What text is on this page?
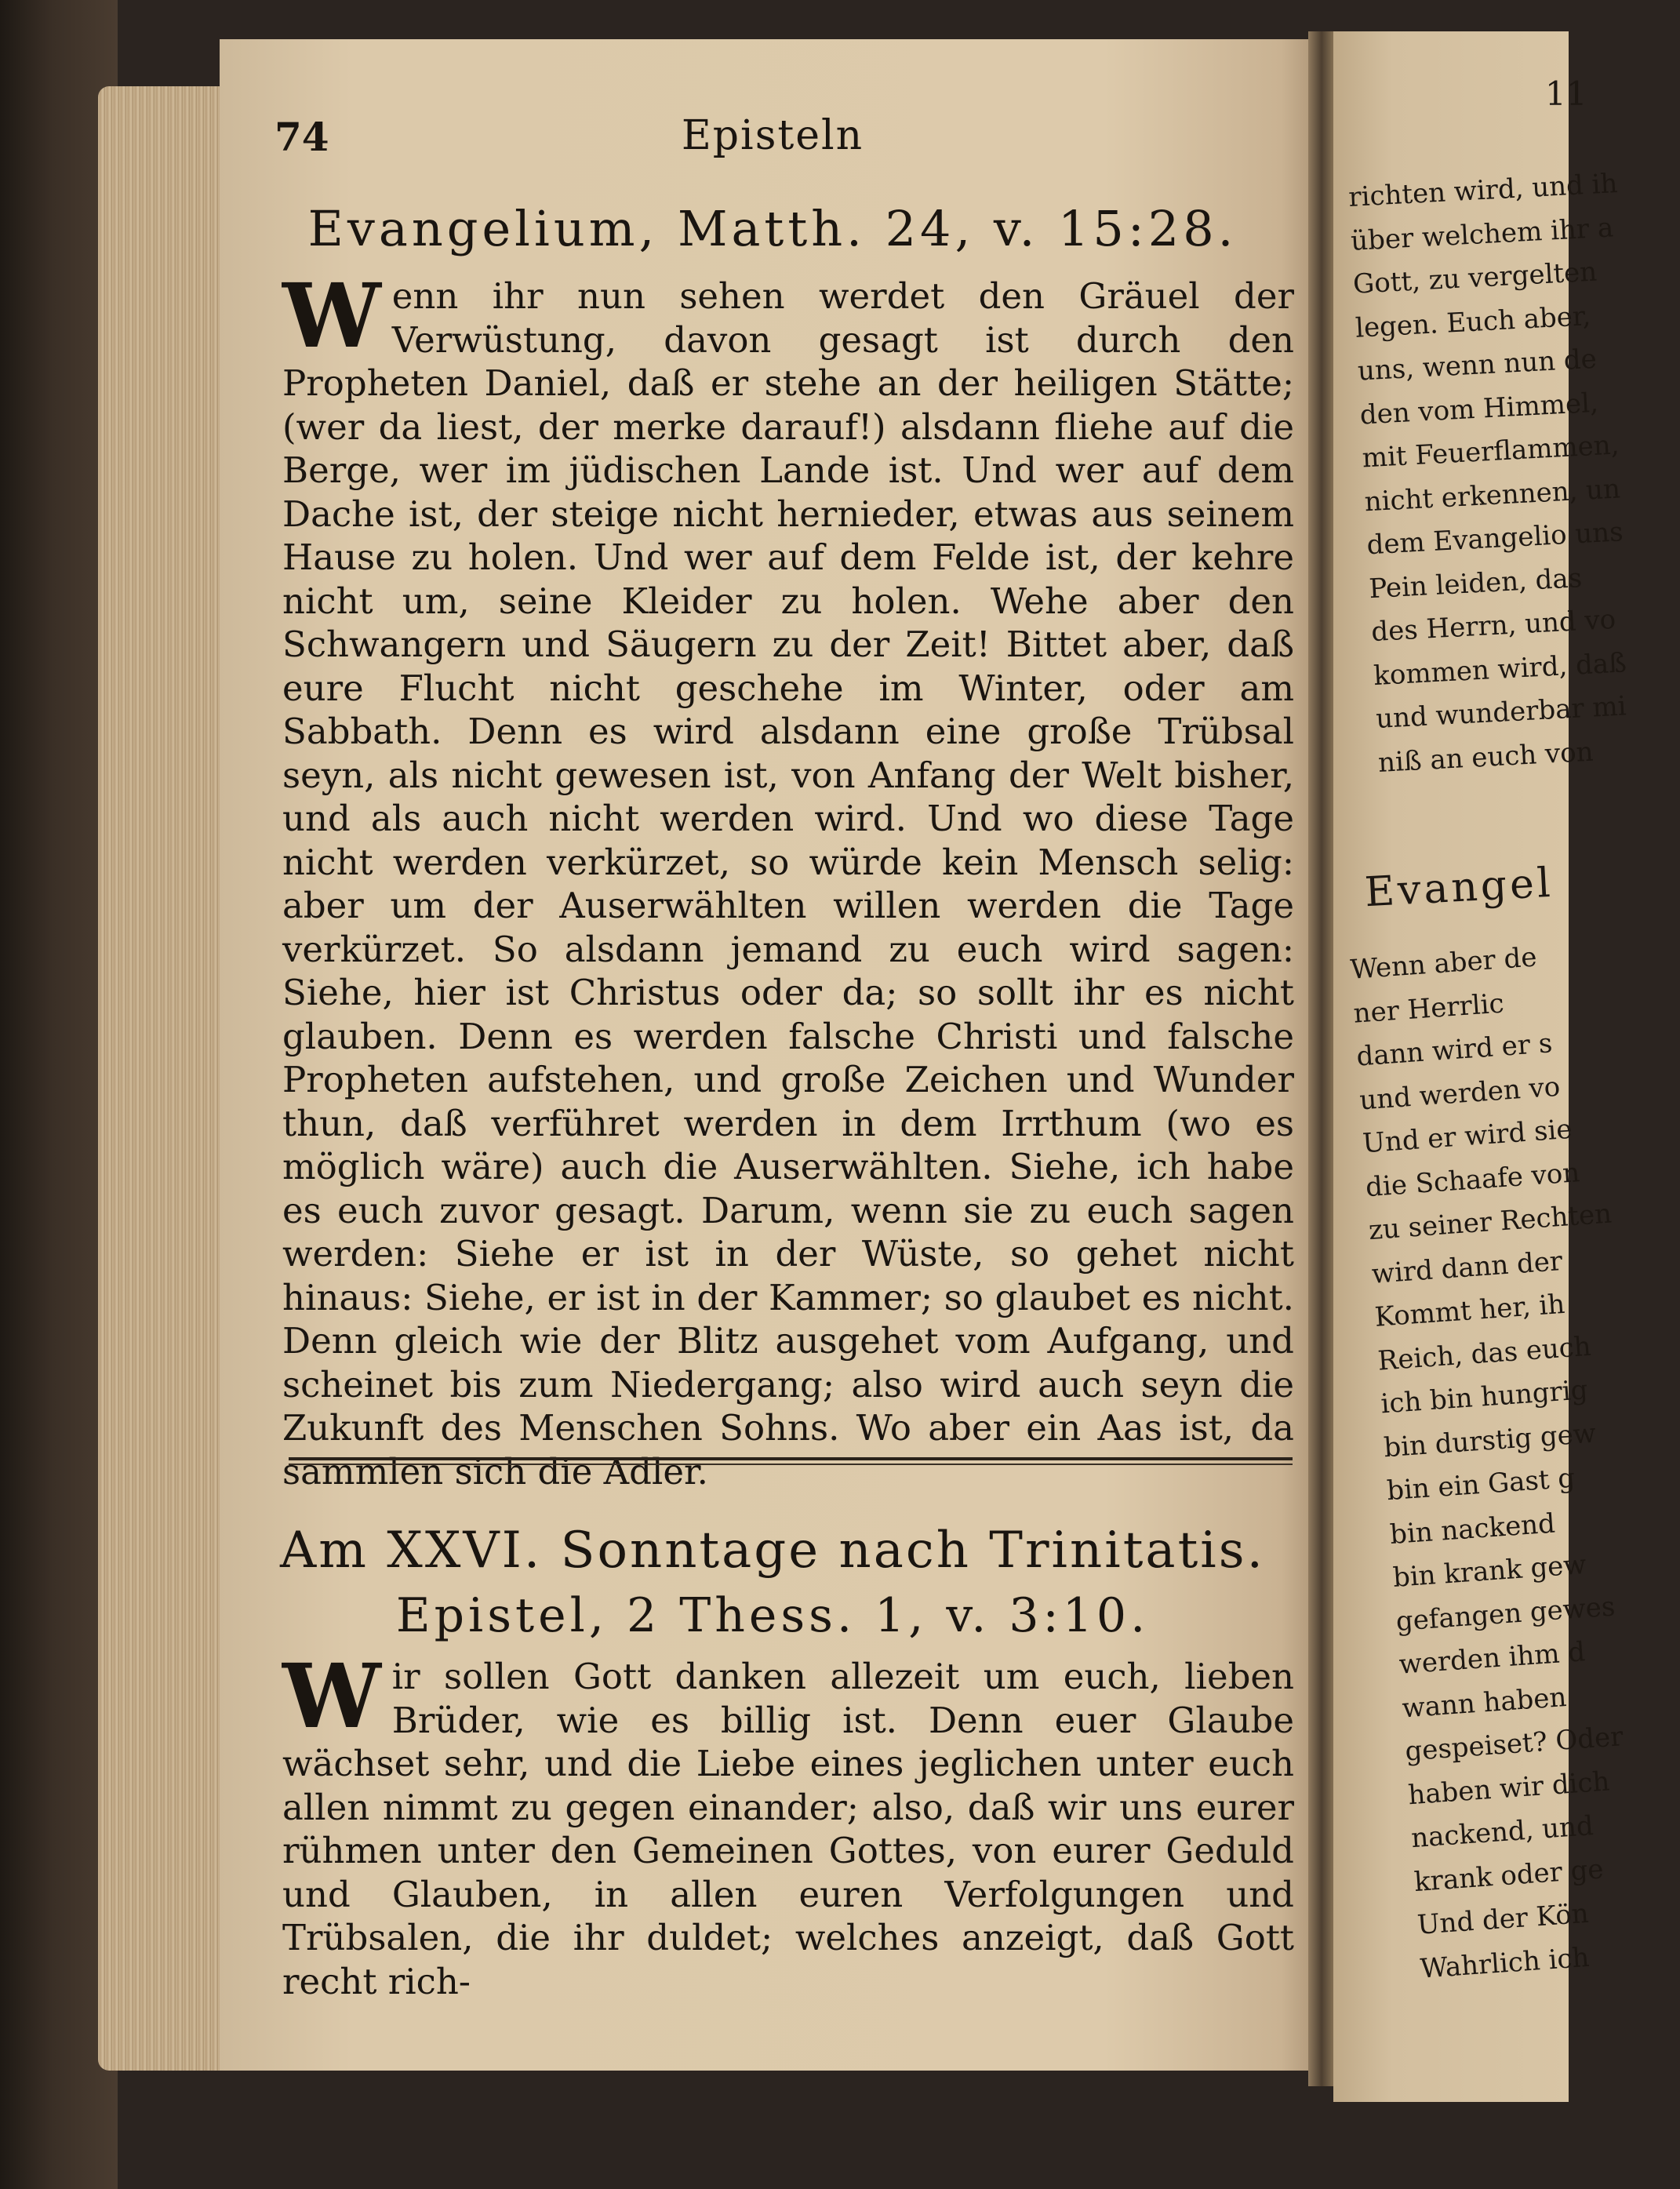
74	Episteln
Evangelium, Matth. 24, v. 15:28.

Wenn ihr nun sehen werdet den Gräuel der Verwüstung, davon gesagt ist durch den Propheten Daniel, daß er stehe an der heiligen Stätte; (wer da liest, der merke darauf!) alsdann fliehe auf die Berge, wer im jüdischen Lande ist. Und wer auf dem Dache ist, der steige nicht hernieder, etwas aus seinem Hause zu holen. Und wer auf dem Felde ist, der kehre nicht um, seine Kleider zu holen. Wehe aber den Schwangern und Säugern zu der Zeit! Bittet aber, daß eure Flucht nicht geschehe im Winter, oder am Sabbath. Denn es wird alsdann eine große Trübsal seyn, als nicht gewesen ist, von Anfang der Welt bisher, und als auch nicht werden wird. Und wo diese Tage nicht werden verkürzet, so würde kein Mensch selig: aber um der Auserwählten willen werden die Tage verkürzet. So alsdann jemand zu euch wird sagen: Siehe, hier ist Christus oder da; so sollt ihr es nicht glauben. Denn es werden falsche Christi und falsche Propheten aufstehen, und große Zeichen und Wunder thun, daß verführet werden in dem Irrthum (wo es möglich wäre) auch die Auserwählten. Siehe, ich habe es euch zuvor gesagt. Darum, wenn sie zu euch sagen werden: Siehe er ist in der Wüste, so gehet nicht hinaus: Siehe, er ist in der Kammer; so glaubet es nicht. Denn gleich wie der Blitz ausgehet vom Aufgang, und scheinet bis zum Niedergang; also wird auch seyn die Zukunft des Menschen Sohns. Wo aber ein Aas ist, da sammlen sich die Adler.

Am XXVI. Sonntage nach Trinitatis.
Epistel, 2 Thess. 1, v. 3:10.

Wir sollen Gott danken allezeit um euch, lieben Brüder, wie es billig ist. Denn euer Glaube wächset sehr, und die Liebe eines jeglichen unter euch allen nimmt zu gegen einander; also, daß wir uns eurer rühmen unter den Gemeinen Gottes, von eurer Geduld und Glauben, in allen euren Verfolgungen und Trübsalen, die ihr duldet; welches anzeigt, daß Gott recht rich-

11

richten wird, und ih

über welchem ihr a

Gott, zu vergelten

legen. Euch aber,

uns, wenn nun de

den vom Himmel,

mit Feuerflammen,

nicht erkennen, un

dem Evangelio uns

Pein leiden, das

des Herrn, und vo

kommen wird, daß

und wunderbar mi

niß an euch von

Evangel

Wenn aber de

ner Herrlic

dann wird er s

und werden vo

Und er wird sie

die Schaafe von

zu seiner Rechten

wird dann der

Kommt her, ih

Reich, das euch

ich bin hungrig

bin durstig gew

bin ein Gast g

bin nackend

bin krank gew

gefangen gewes

werden ihm d

wann haben

gespeiset? Oder

haben wir dich

nackend, und

krank oder ge

Und der Kön

Wahrlich ich
